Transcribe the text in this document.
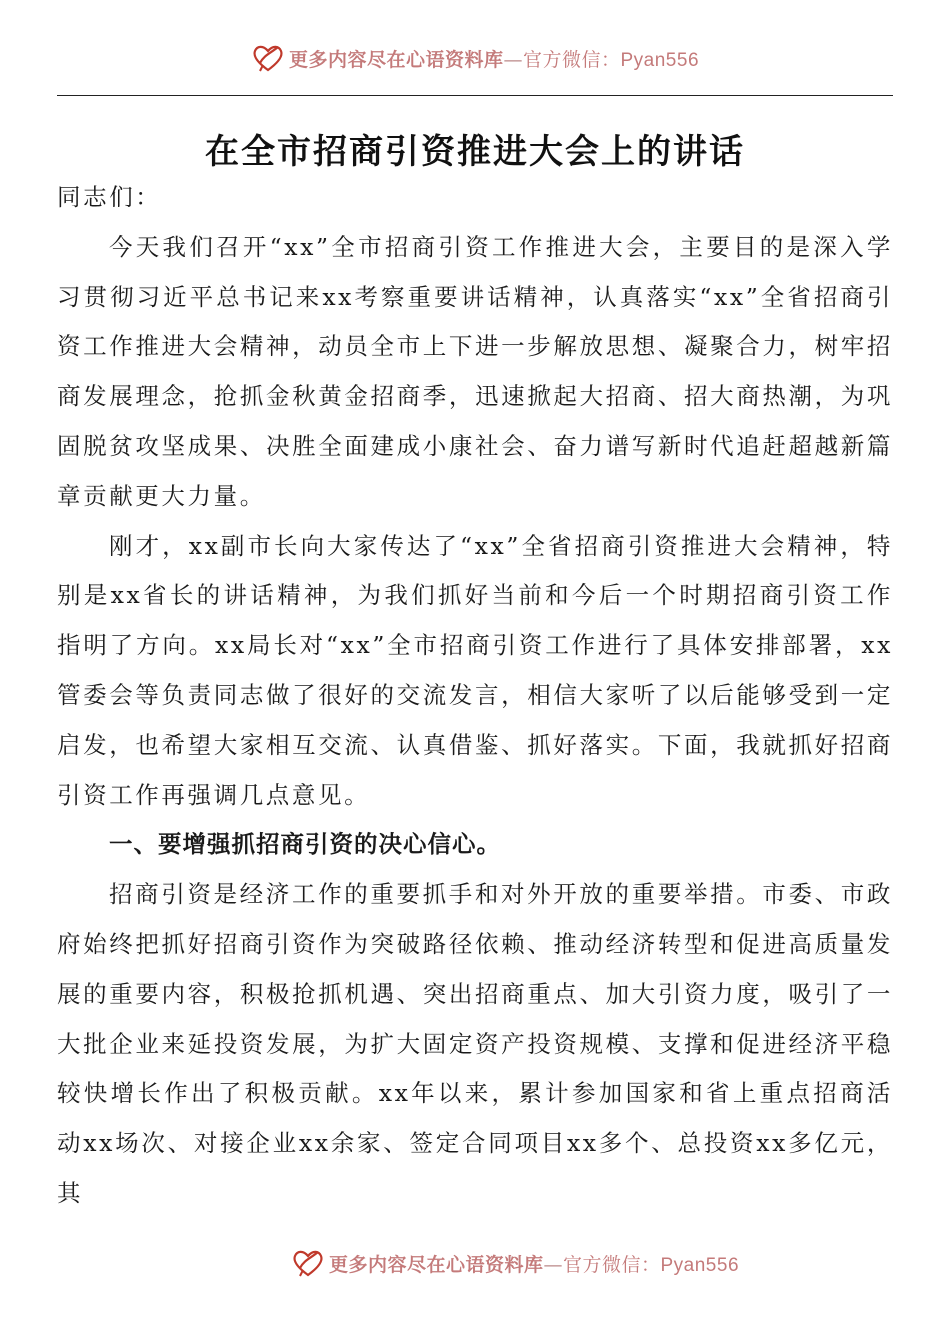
更多内容尽在心语资料库—官方微信：Pyan556
在全市招商引资推进大会上的讲话

同志们：

今天我们召开“xx”全市招商引资工作推进大会，主要目的是深入学习贯彻习近平总书记来xx考察重要讲话精神，认真落实“xx”全省招商引资工作推进大会精神，动员全市上下进一步解放思想、凝聚合力，树牢招商发展理念，抢抓金秋黄金招商季，迅速掀起大招商、招大商热潮，为巩固脱贫攻坚成果、决胜全面建成小康社会、奋力谱写新时代追赶超越新篇章贡献更大力量。

刚才，xx副市长向大家传达了“xx”全省招商引资推进大会精神，特别是xx省长的讲话精神，为我们抓好当前和今后一个时期招商引资工作指明了方向。xx局长对“xx”全市招商引资工作进行了具体安排部署，xx管委会等负责同志做了很好的交流发言，相信大家听了以后能够受到一定启发，也希望大家相互交流、认真借鉴、抓好落实。下面，我就抓好招商引资工作再强调几点意见。

一、要增强抓招商引资的决心信心。

招商引资是经济工作的重要抓手和对外开放的重要举措。市委、市政府始终把抓好招商引资作为突破路径依赖、推动经济转型和促进高质量发展的重要内容，积极抢抓机遇、突出招商重点、加大引资力度，吸引了一大批企业来延投资发展，为扩大固定资产投资规模、支撑和促进经济平稳较快增长作出了积极贡献。xx年以来，累计参加国家和省上重点招商活动xx场次、对接企业xx余家、签定合同项目xx多个、总投资xx多亿元，其

更多内容尽在心语资料库—官方微信：Pyan556
